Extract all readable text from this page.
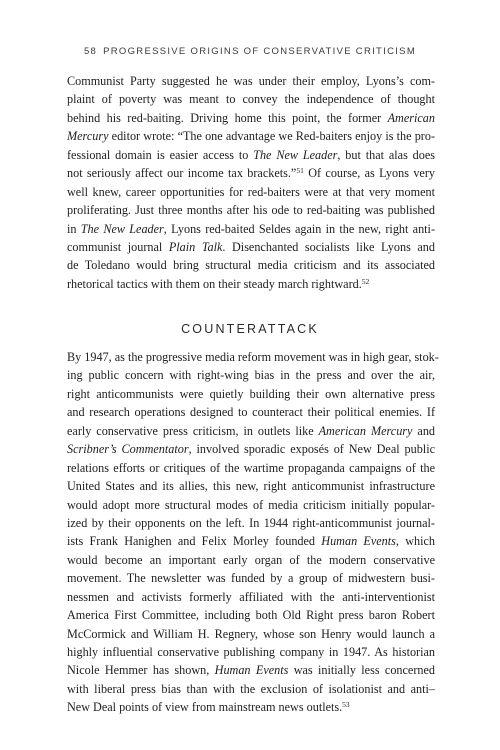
58 PROGRESSIVE ORIGINS OF CONSERVATIVE CRITICISM

Communist Party suggested he was under their employ, Lyons’s com-
plaint of poverty was meant to convey the independence of thought
behind his red-baiting. Driving home this point, the former American
Mercury editor wrote: “The one advantage we Red-baiters enjoy is the pro-
fessional domain is easier access to The New Leader, but that alas does
not seriously affect our income tax brackets.”$^{51}$ Of course, as Lyons very
well knew, career opportunities for red-baiters were at that very moment
proliferating. Just three months after his ode to red-baiting was published
in The New Leader, Lyons red-baited Seldes again in the new, right anti-
communist journal Plain Talk. Disenchanted socialists like Lyons and
de Toledano would bring structural media criticism and its associated
rhetorical tactics with them on their steady march rightward.$^{52}$

COUNTERATTACK

By 1947, as the progressive media reform movement was in high gear, stok-
ing public concern with right-wing bias in the press and over the air,
right anticommunists were quietly building their own alternative press
and research operations designed to counteract their political enemies. If
early conservative press criticism, in outlets like American Mercury and
Scribner’s Commentator, involved sporadic exposés of New Deal public
relations efforts or critiques of the wartime propaganda campaigns of the
United States and its allies, this new, right anticommunist infrastructure
would adopt more structural modes of media criticism initially popular-
ized by their opponents on the left. In 1944 right-anticommunist journal-
ists Frank Hanighen and Felix Morley founded Human Events, which
would become an important early organ of the modern conservative
movement. The newsletter was funded by a group of midwestern busi-
nessmen and activists formerly affiliated with the anti-interventionist
America First Committee, including both Old Right press baron Robert
McCormick and William H. Regnery, whose son Henry would launch a
highly influential conservative publishing company in 1947. As historian
Nicole Hemmer has shown, Human Events was initially less concerned
with liberal press bias than with the exclusion of isolationist and anti–
New Deal points of view from mainstream news outlets.$^{53}$
